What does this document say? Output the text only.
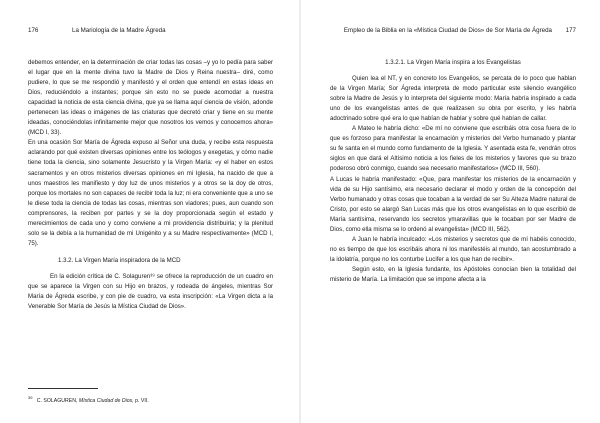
176	La Mariología de la Madre Ágreda

debemos entender, en la determinación de criar todas las cosas –y yo lo pedía para saber el lugar que en la mente divina tuvo la Madre de Dios y Reina nuestra– diré, como pudiere, lo que se me respondió y manifestó y el orden que entendí en estas ideas en Dios, reduciéndolo a instantes; porque sin esto no se puede acomodar a nuestra capacidad la noticia de esta ciencia divina, que ya se llama aquí ciencia de visión, adonde pertenecen las ideas o imágenes de las criaturas que decretó criar y tiene en su mente ideadas, conociéndolas infinitamente mejor que nosotros los vemos y conocemos ahora» (MCD I, 33).

En una ocasión Sor María de Ágreda expuso al Señor una duda, y recibe esta respuesta aclarando por qué existen diversas opiniones entre los teólogos y exegetas, y cómo nadie tiene toda la ciencia, sino solamente Jesucristo y la Virgen María: «y el haber en estos sacramentos y en otros misterios diversas opiniones en mi Iglesia, ha nacido de que a unos maestros les manifiesto y doy luz de unos misterios y a otros se la doy de otros, porque los mortales no son capaces de recibir toda la luz; ni era conveniente que a uno se le diese toda la ciencia de todas las cosas, mientras son viadores; pues, aun cuando son comprensores, la reciben por partes y se la doy proporcionada según el estado y merecimientos de cada uno y como conviene a mi providencia distribuirla; y la plenitud solo se la debía a la humanidad de mi Unigénito y a su Madre respectivamente» (MCD I, 75).

1.3.2. La Virgen María inspiradora de la MCD

En la edición crítica de C. Solaguren³⁹ se ofrece la reproducción de un cuadro en que se aparece la Virgen con su Hijo en brazos, y rodeada de ángeles, mientras Sor María de Ágreda escribe, y con pie de cuadro, va esta inscripción: «La Virgen dicta a la Venerable Sor María de Jesús la Mística Ciudad de Dios».

$^{39}$   C. SOLAGUREN, Mística Ciudad de Dios, p. VII.
Empleo de la Biblia en la «Mística Ciudad de Dios» de Sor María de Ágreda 177
1.3.2.1. La Virgen María inspira a los Evangelistas

Quien lea el NT, y en concreto los Evangelios, se percata de lo poco que hablan de la Virgen María; Sor Ágreda interpreta de modo particular este silencio evangélico sobre la Madre de Jesús y lo interpreta del siguiente modo: María habría inspirado a cada uno de los evangelistas antes de que realizasen su obra por escrito, y les habría adoctrinado sobre qué era lo que habían de hablar y sobre qué habían de callar.

A Mateo le habría dicho: «De mí no conviene que escribáis otra cosa fuera de lo que es forzoso para manifestar la encarnación y misterios del Verbo humanado y plantar su fe santa en el mundo como fundamento de la Iglesia. Y asentada esta fe, vendrán otros siglos en que dará el Altísimo noticia a los fieles de los misterios y favores que su brazo poderoso obró conmigo, cuando sea necesario manifestarlos» (MCD III, 560).

A Lucas le habría manifestado: «Que, para manifestar los misterios de la encarnación y vida de su Hijo santísimo, era necesario declarar el modo y orden de la concepción del Verbo humanado y otras cosas que tocaban a la verdad de ser Su Alteza Madre natural de Cristo, por esto se alargó San Lucas más que los otros evangelistas en lo que escribió de María santísima, reservando los secretos ymaravillas que le tocaban por ser Madre de Dios, como ella misma se lo ordenó al evangelista» (MCD III, 562).

A Juan le habría inculcado: «Los misterios y secretos que de mí habéis conocido, no es tiempo de que los escribáis ahora ni los manifestéis al mundo, tan acostumbrado a la idolatría, porque no los conturbe Lucifer a los que han de recibir».

Según esto, en la Iglesia fundante, los Apóstoles conocían bien la totalidad del misterio de María. La limitación que se impone afecta a la
